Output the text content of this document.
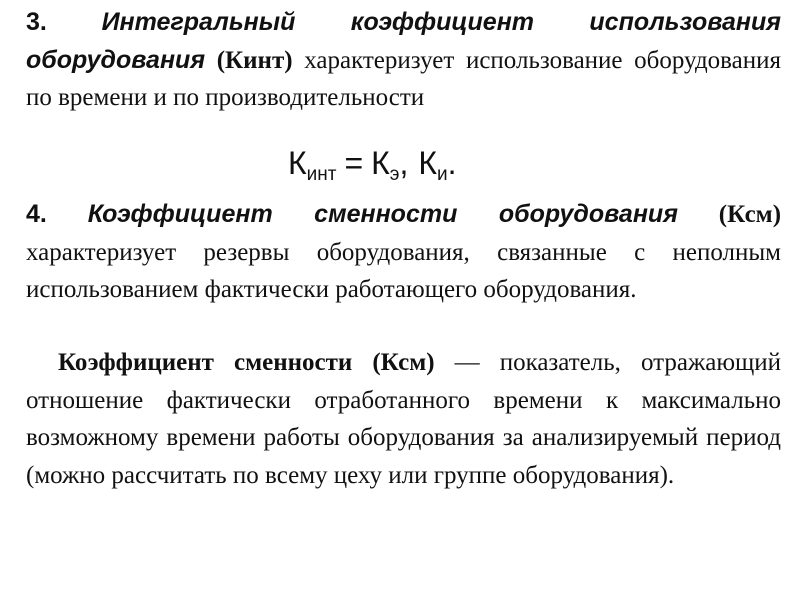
3. Интегральный коэффициент использования оборудования (Кинт) характеризует использование оборудования по времени и по производительности

$К_{инт} = К_э$, $К_и$.

4. Коэффициент сменности оборудования (Ксм) характеризует резервы оборудования, связанные с неполным использованием фактически работающего оборудования.

Коэффициент сменности (Ксм) — показатель, отражающий отношение фактически отработанного времени к максимально возможному времени работы оборудования за анализируемый период (можно рассчитать по всему цеху или группе оборудования).
